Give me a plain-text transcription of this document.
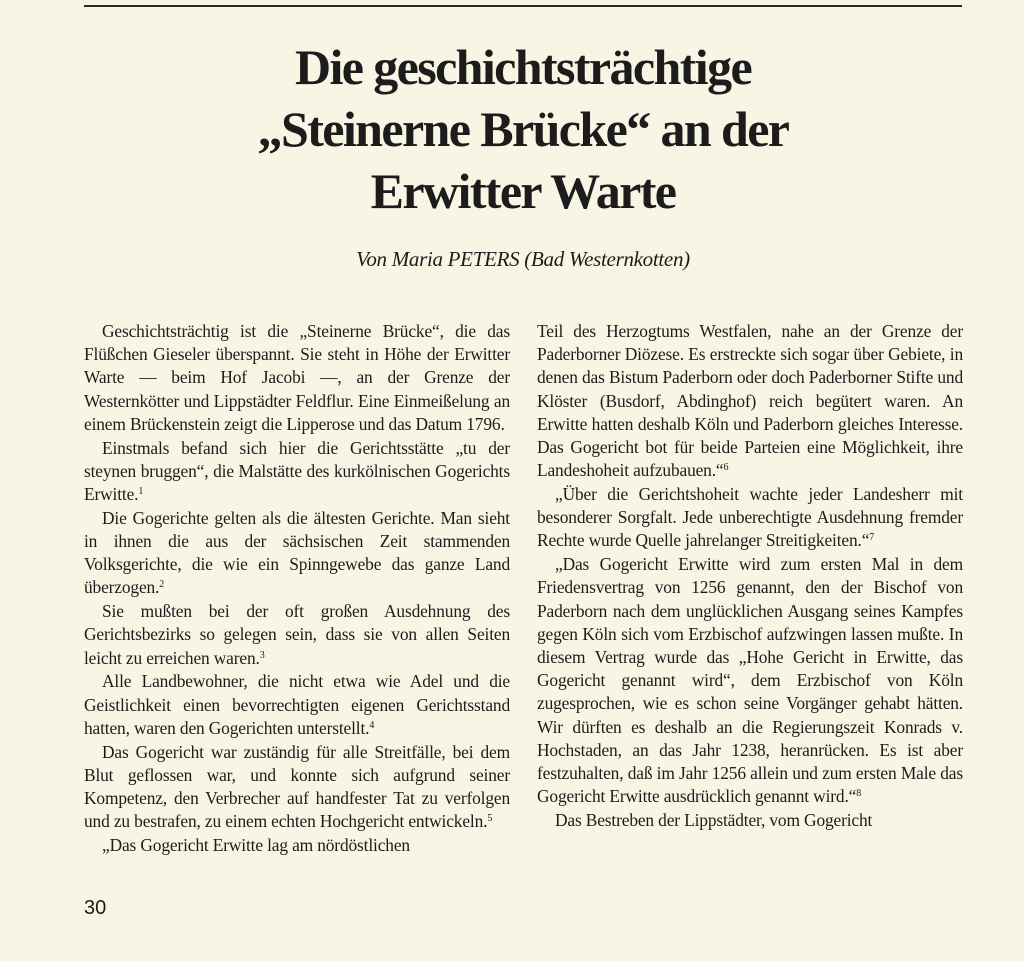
Die geschichtsträchtige
„Steinerne Brücke“ an der
Erwitter Warte
Von Maria PETERS (Bad Westernkotten)

Geschichtsträchtig ist die „Steinerne Brücke“, die das Flüßchen Gieseler überspannt. Sie steht in Höhe der Erwitter Warte — beim Hof Jacobi —, an der Grenze der Westernkötter und Lippstädter Feldflur. Eine Einmeißelung an einem Brückenstein zeigt die Lipperose und das Datum 1796.

Einstmals befand sich hier die Gerichtsstätte „tu der steynen bruggen“, die Malstätte des kurkölnischen Gogerichts Erwitte.$^1$

Die Gogerichte gelten als die ältesten Gerichte. Man sieht in ihnen die aus der sächsischen Zeit stammenden Volksgerichte, die wie ein Spinngewebe das ganze Land überzogen.$^2$

Sie mußten bei der oft großen Ausdehnung des Gerichtsbezirks so gelegen sein, dass sie von allen Seiten leicht zu erreichen waren.$^3$

Alle Landbewohner, die nicht etwa wie Adel und die Geistlichkeit einen bevorrechtigten eigenen Gerichtsstand hatten, waren den Gogerichten unterstellt.$^4$

Das Gogericht war zuständig für alle Streitfälle, bei dem Blut geflossen war, und konnte sich aufgrund seiner Kompetenz, den Verbrecher auf handfester Tat zu verfolgen und zu bestrafen, zu einem echten Hochgericht entwickeln.$^5$

„Das Gogericht Erwitte lag am nördöstlichen

Teil des Herzogtums Westfalen, nahe an der Grenze der Paderborner Diözese. Es erstreckte sich sogar über Gebiete, in denen das Bistum Paderborn oder doch Paderborner Stifte und Klöster (Busdorf, Abdinghof) reich begütert waren. An Erwitte hatten deshalb Köln und Paderborn gleiches Interesse. Das Gogericht bot für beide Parteien eine Möglichkeit, ihre Landeshoheit aufzubauen.“$^6$

„Über die Gerichtshoheit wachte jeder Landesherr mit besonderer Sorgfalt. Jede unberechtigte Ausdehnung fremder Rechte wurde Quelle jahrelanger Streitigkeiten.“$^7$

„Das Gogericht Erwitte wird zum ersten Mal in dem Friedensvertrag von 1256 genannt, den der Bischof von Paderborn nach dem unglücklichen Ausgang seines Kampfes gegen Köln sich vom Erzbischof aufzwingen lassen mußte. In diesem Vertrag wurde das „Hohe Gericht in Erwitte, das Gogericht genannt wird“, dem Erzbischof von Köln zugesprochen, wie es schon seine Vorgänger gehabt hätten. Wir dürften es deshalb an die Regierungszeit Konrads v. Hochstaden, an das Jahr 1238, heranrücken. Es ist aber festzuhalten, daß im Jahr 1256 allein und zum ersten Male das Gogericht Erwitte ausdrücklich genannt wird.“$^8$

Das Bestreben der Lippstädter, vom Gogericht

30
